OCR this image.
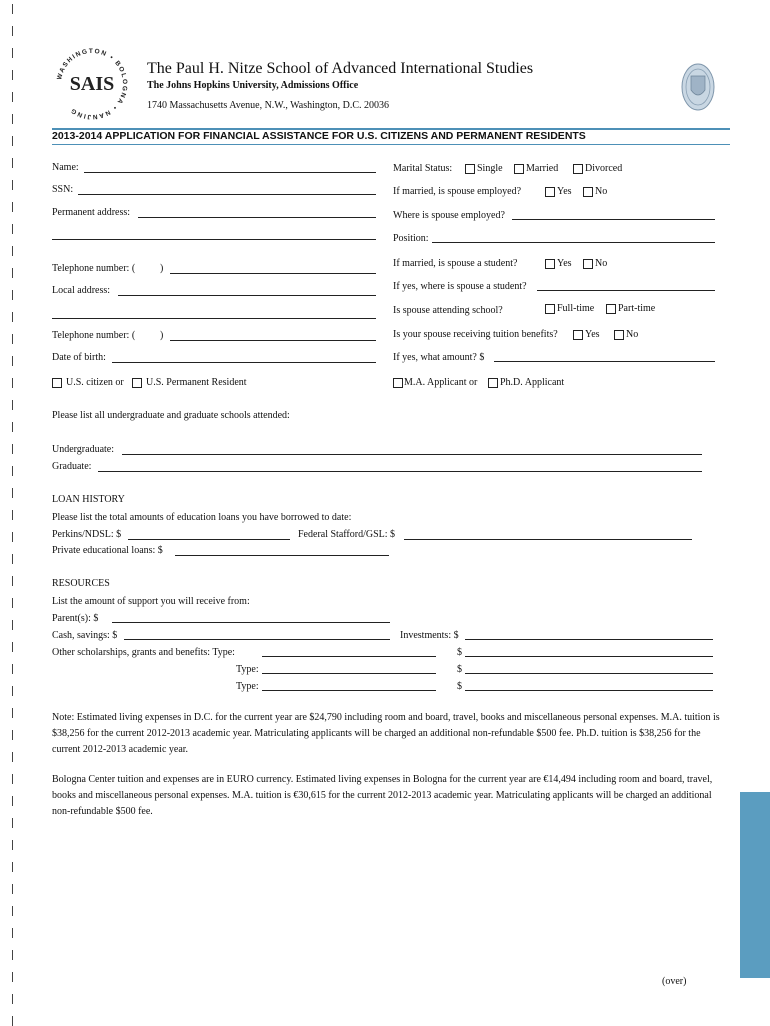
WASHINGTON • BOLOGNA • NANJING
SAIS
The Paul H. Nitze School of Advanced International Studies
The Johns Hopkins University, Admissions Office
1740 Massachusetts Avenue, N.W., Washington, D.C. 20036
2013-2014 APPLICATION FOR FINANCIAL ASSISTANCE FOR U.S. CITIZENS AND PERMANENT RESIDENTS
Name:
SSN:
Permanent address:
Telephone number: ( )
Local address:
Telephone number: ( )
Date of birth:
U.S. citizen or U.S. Permanent Resident
Marital Status: Single Married	Divorced
If married, is spouse employed?	Yes No
Where is spouse employed?
Position:
If married, is spouse a student?	Yes No
If yes, where is spouse a student?
Is spouse attending school?	Full-time Part-time
Is your spouse receiving tuition benefits?	Yes	No
If yes, what amount? $
M.A. Applicant or Ph.D. Applicant
Please list all undergraduate and graduate schools attended:
Undergraduate:
Graduate:
LOAN HISTORY
Please list the total amounts of education loans you have borrowed to date:
Perkins/NDSL: $	Federal Stafford/GSL: $
Private educational loans: $
RESOURCES
List the amount of support you will receive from:
Parent(s): $
Cash, savings: $	Investments: $
Other scholarships, grants and benefits: Type:	$
Type:	$
Type:	$
Note: Estimated living expenses in D.C. for the current year are $24,790 including room and board, travel, books and miscellaneous personal expenses. M.A. tuition is $38,256 for the current 2012-2013 academic year. Matriculating applicants will be charged an additional non-refundable $500 fee. Ph.D. tuition is $38,256 for the current 2012-2013 academic year.
Bologna Center tuition and expenses are in EURO currency. Estimated living expenses in Bologna for the current year are €14,494 including room and board, travel, books and miscellaneous personal expenses. M.A. tuition is €30,615 for the current 2012-2013 academic year. Matriculating applicants will be charged an additional non-refundable $500 fee.
(over)
